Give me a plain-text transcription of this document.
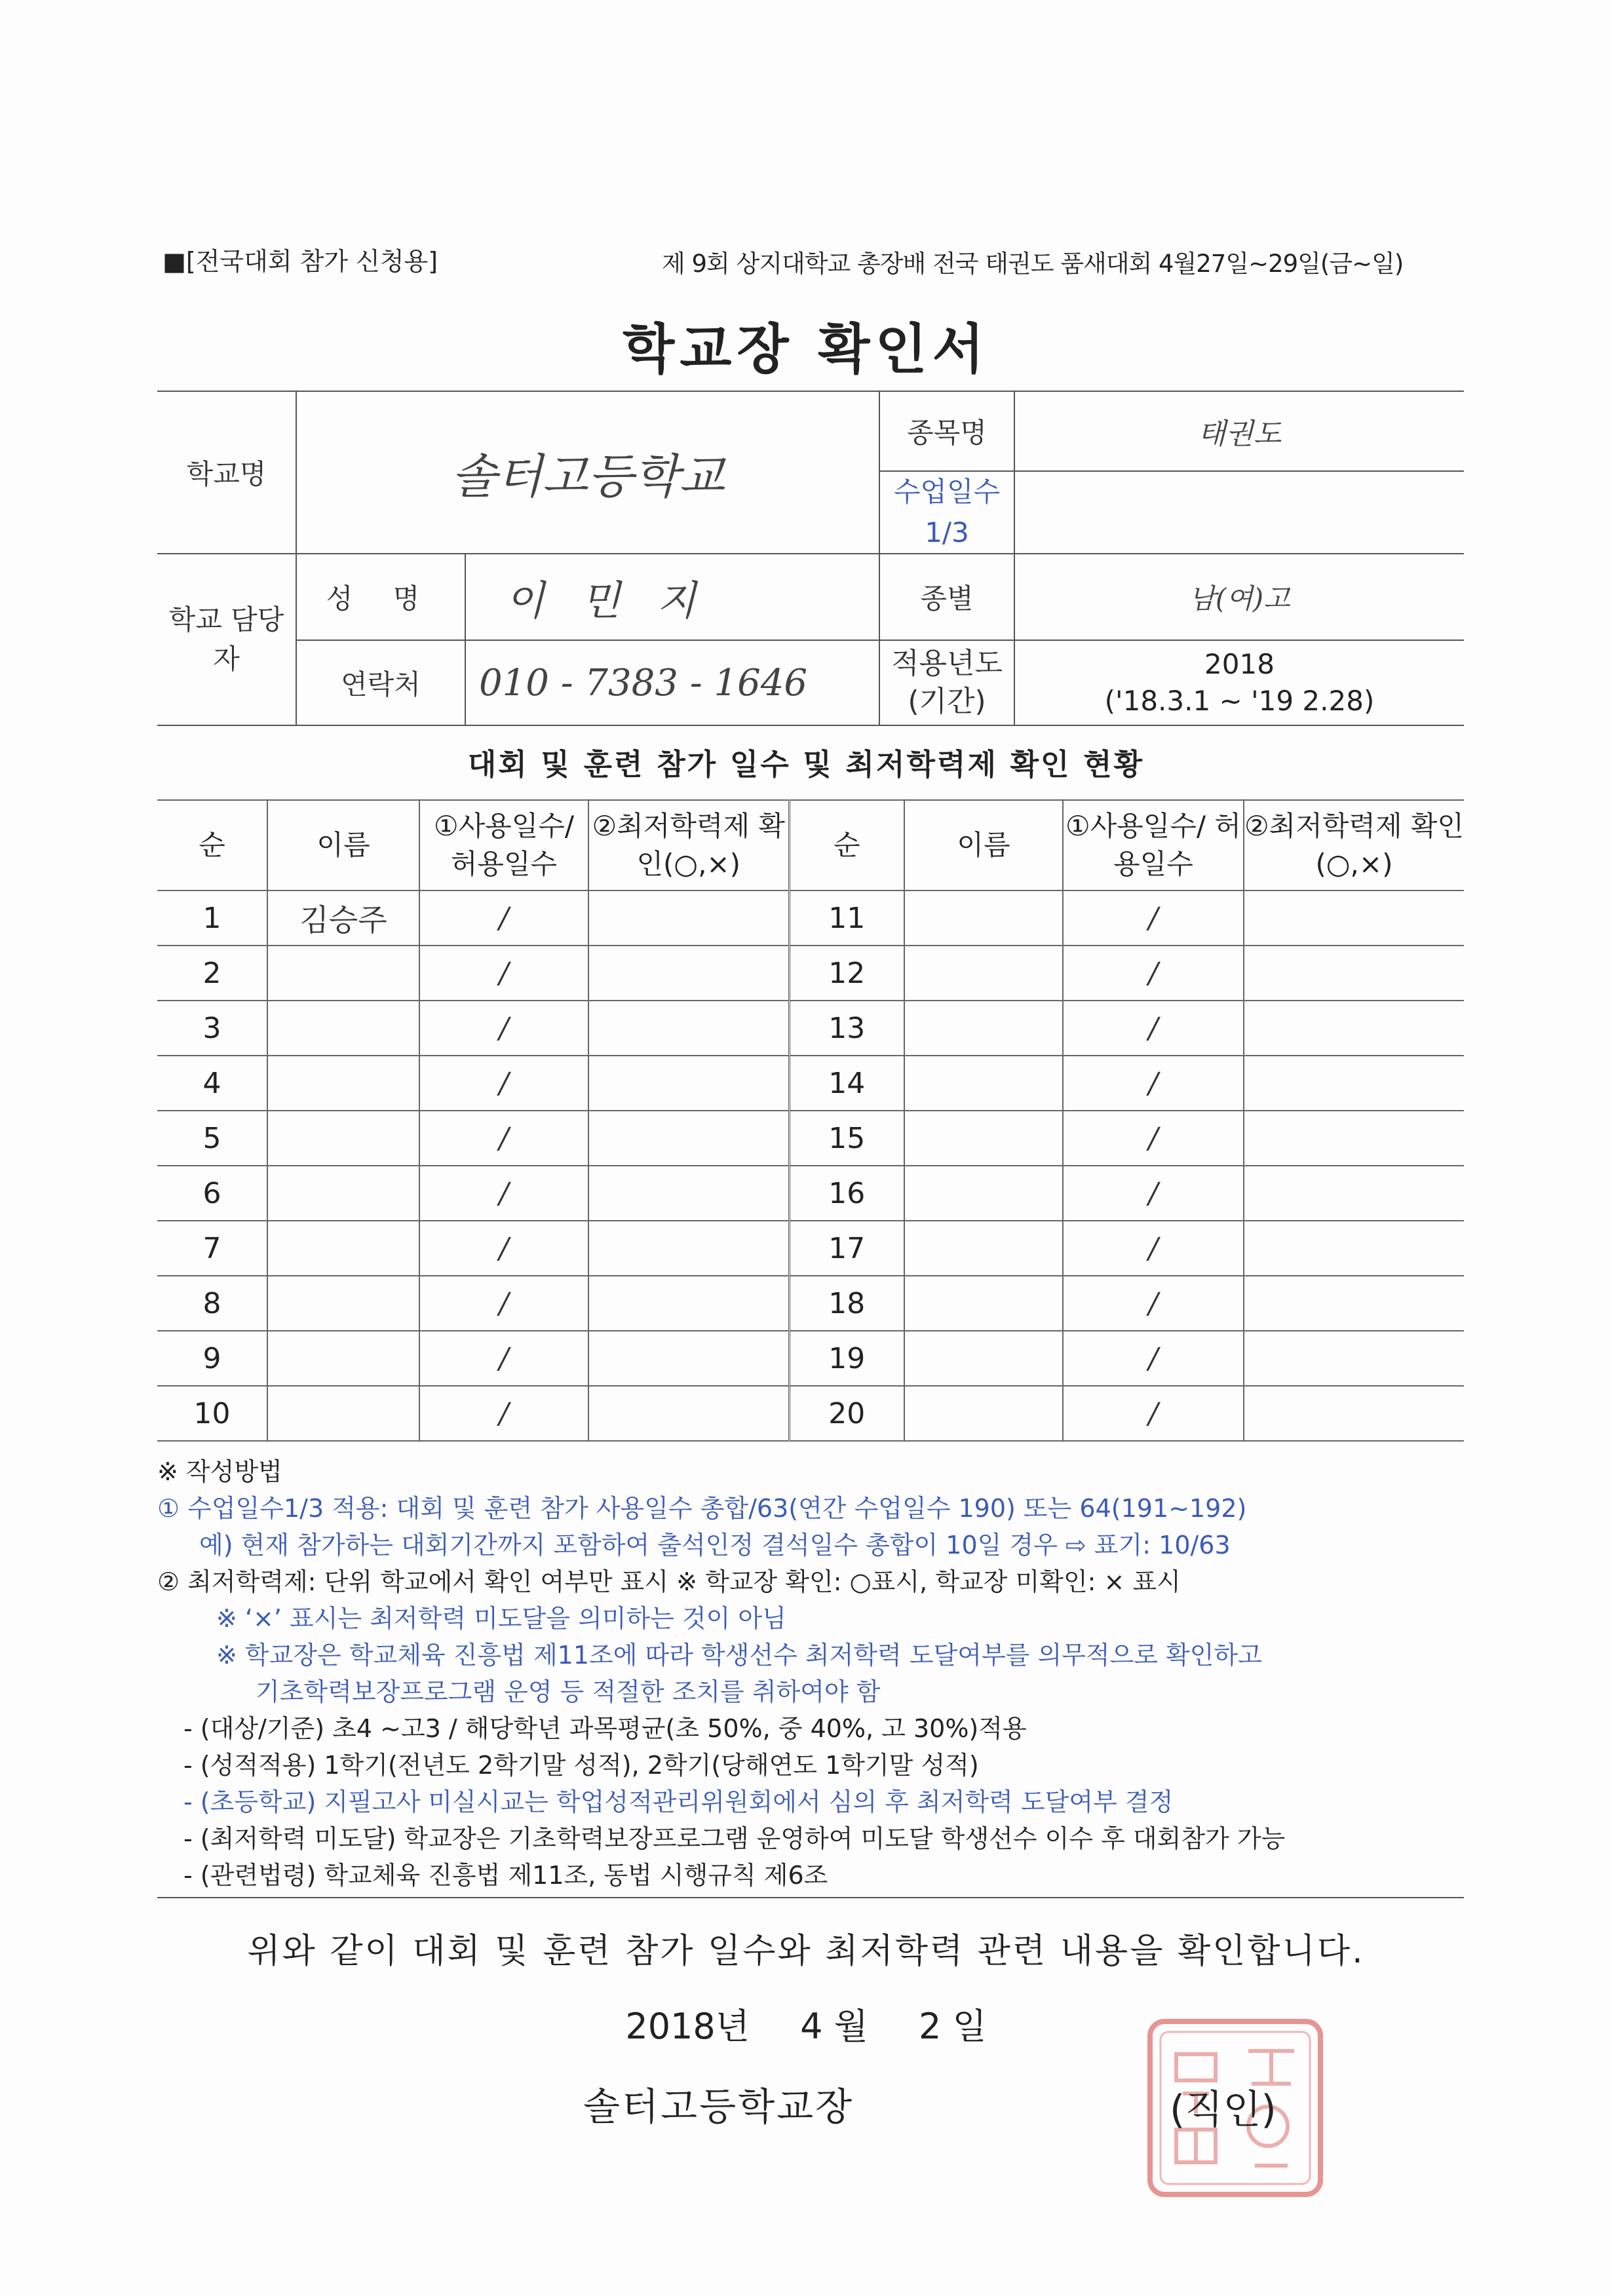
■[전국대회 참가 신청용]	제 9회 상지대학교 총장배 전국 태권도 품새대회 4월27일~29일(금~일)
학교장 확인서
학교명	솔터고등학교		종목명	태권도
			수업일수 1/3	
학교 담당자	성 명	이 민 지	종별	남(여)고
	연락처	010 - 7383 - 1646	적용년도 (기간)	2018
('18.3.1 ~ '19 2.28)
대회 및 훈련 참가 일수 및 최저학력제 확인 현황
순	이름	①사용일수/ 허용일수	②최저학력제 확인(○,×)	순	이름	①사용일수/ 허용일수	②최저학력제 확인(○,×)
1	김승주	/		11		/	
2		/		12		/	
3		/		13		/	
4		/		14		/	
5		/		15		/	
6		/		16		/	
7		/		17		/	
8		/		18		/	
9		/		19		/	
10		/		20		/	
※ 작성방법
① 수업일수1/3 적용: 대회 및 훈련 참가 사용일수 총합/63(연간 수업일수 190) 또는 64(191~192)
예) 현재 참가하는 대회기간까지 포함하여 출석인정 결석일수 총합이 10일 경우 ⇨ 표기: 10/63
② 최저학력제: 단위 학교에서 확인 여부만 표시 ※ 학교장 확인: ○표시, 학교장 미확인: × 표시
※ ‘×’ 표시는 최저학력 미도달을 의미하는 것이 아님
※ 학교장은 학교체육 진흥법 제11조에 따라 학생선수 최저학력 도달여부를 의무적으로 확인하고
기초학력보장프로그램 운영 등 적절한 조치를 취하여야 함
- (대상/기준) 초4 ~고3 / 해당학년 과목평균(초 50%, 중 40%, 고 30%)적용
- (성적적용) 1학기(전년도 2학기말 성적), 2학기(당해연도 1학기말 성적)
- (초등학교) 지필고사 미실시교는 학업성적관리위원회에서 심의 후 최저학력 도달여부 결정
- (최저학력 미도달) 학교장은 기초학력보장프로그램 운영하여 미도달 학생선수 이수 후 대회참가 가능
- (관련법령) 학교체육 진흥법 제11조, 동법 시행규칙 제6조
위와 같이 대회 및 훈련 참가 일수와 최저학력 관련 내용을 확인합니다.
2018년 4 월 2 일
솔터고등학교장	(직인)
